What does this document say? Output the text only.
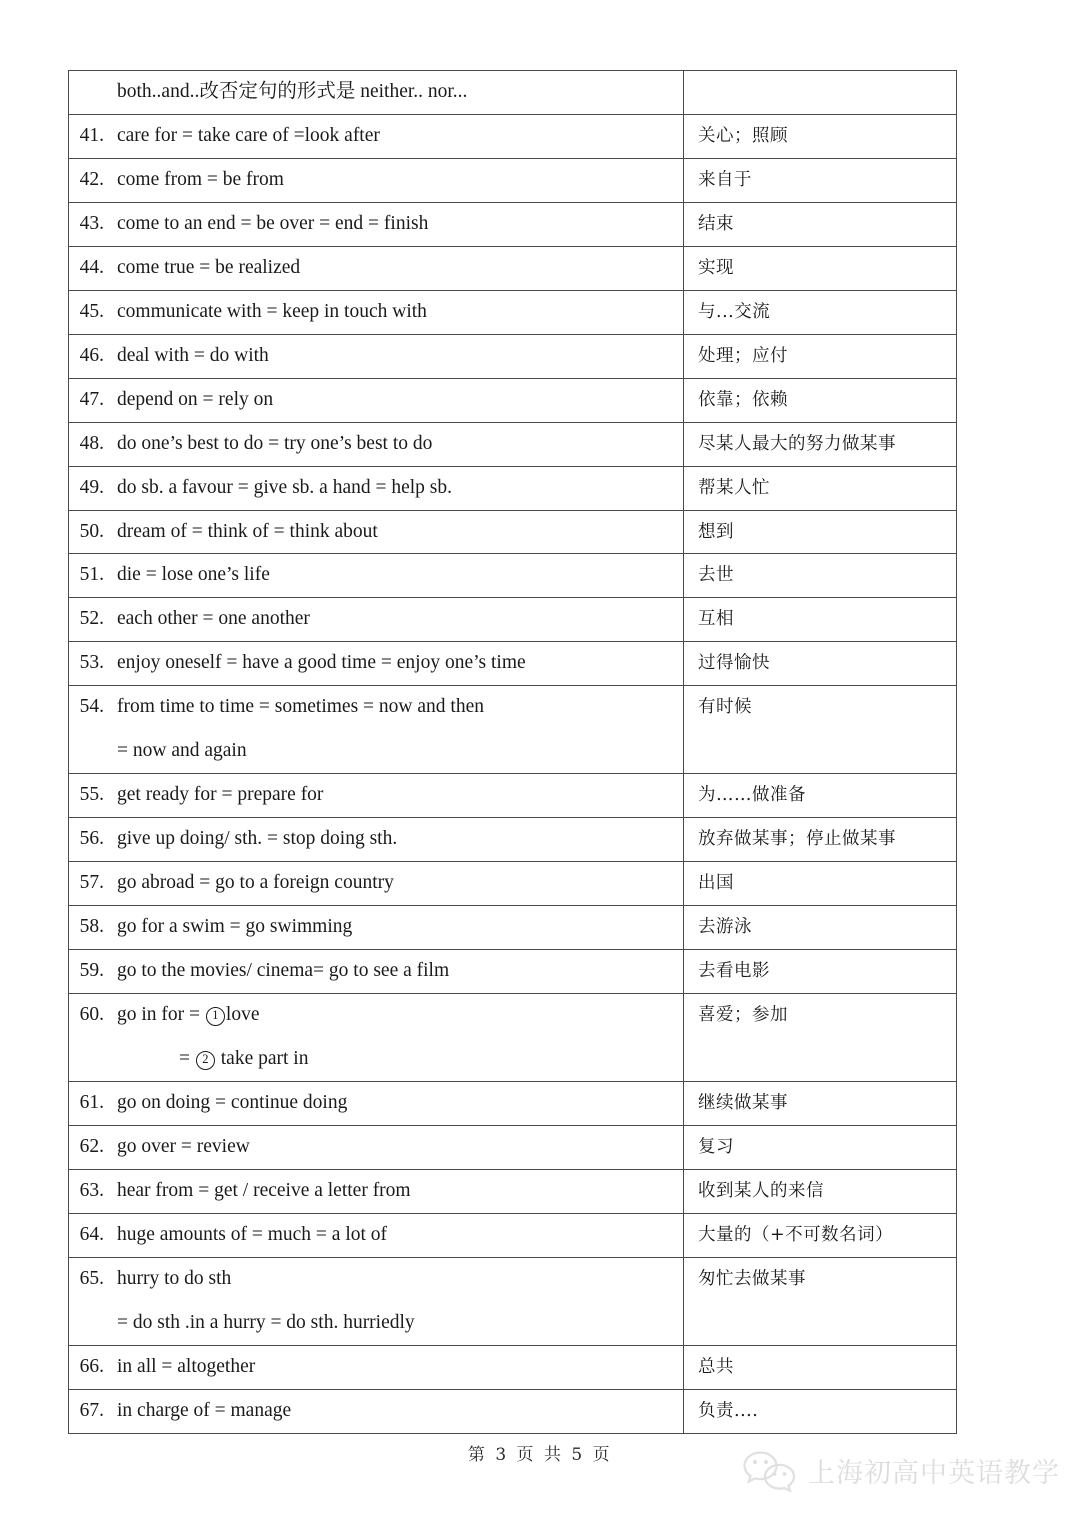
both..and..改否定句的形式是 neither.. nor...	

41. care for = take care of =look after	关心；照顾

42. come from = be from	来自于

43. come to an end = be over = end = finish	结束

44. come true = be realized	实现

45. communicate with = keep in touch with	与...交流

46. deal with = do with	处理；应付

47. depend on = rely on	依靠；依赖

48. do one’s best to do = try one’s best to do	尽某人最大的努力做某事

49. do sb. a favour = give sb. a hand = help sb.	帮某人忙

50. dream of = think of = think about	想到

51. die = lose one’s life	去世

52. each other = one another	互相

53. enjoy oneself = have a good time = enjoy one’s time	过得愉快

54. from time to time = sometimes = now and then
= now and again	有时候

55. get ready for = prepare for	为……做准备

56. give up doing/ sth. = stop doing sth.	放弃做某事；停止做某事

57. go abroad = go to a foreign country	出国

58. go for a swim = go swimming	去游泳

59. go to the movies/ cinema= go to see a film	去看电影

60. go in for = 1 love
= 2 take part in	喜爱；参加

61. go on doing = continue doing	继续做某事

62. go over = review	复习

63. hear from = get / receive a letter from	收到某人的来信

64. huge amounts of = much = a lot of	大量的（+不可数名词）

65. hurry to do sth
= do sth .in a hurry = do sth. hurriedly	匆忙去做某事

66. in all = altogether	总共

67. in charge of = manage	负责....
第 3 页 共 5 页
上海初高中英语教学
